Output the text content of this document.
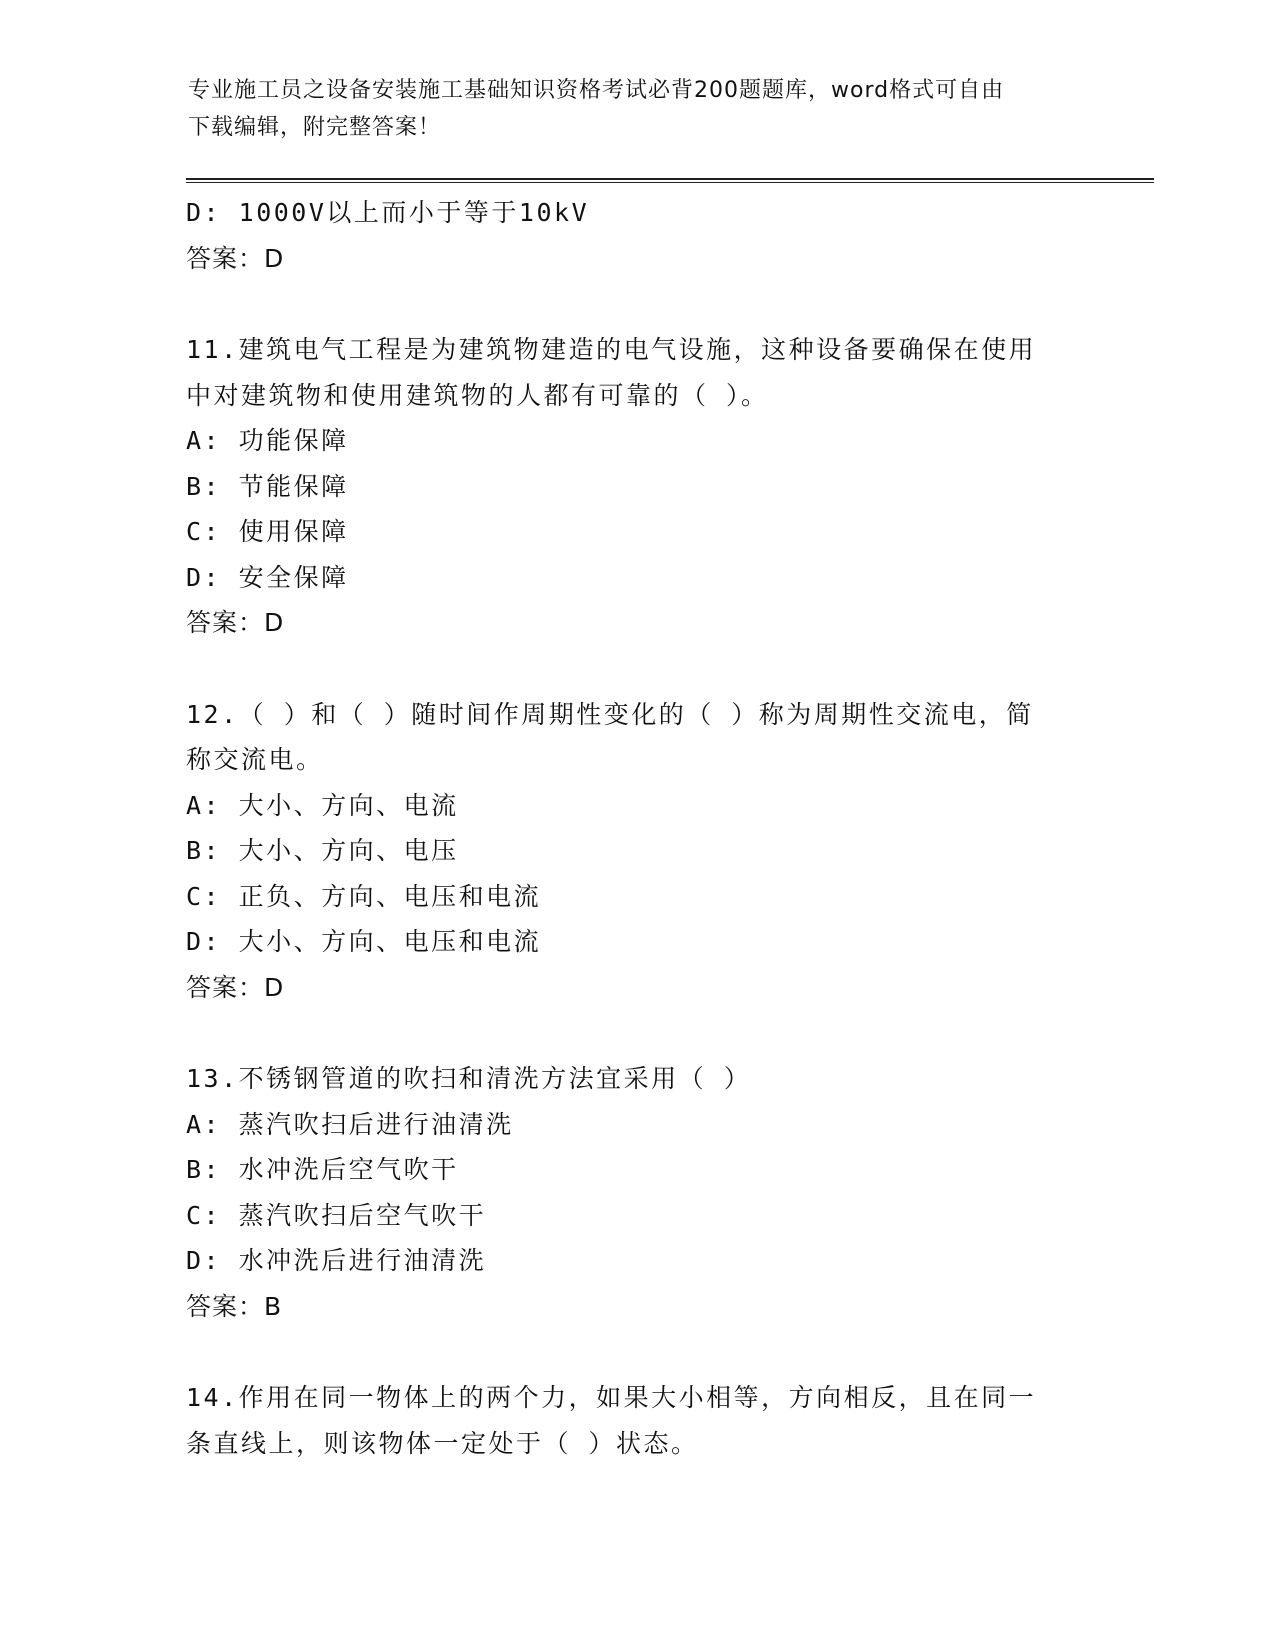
专业施工员之设备安装施工基础知识资格考试必背200题题库，word格式可自由
下载编辑，附完整答案！
D: 1000V以上而小于等于10kV
答案：D
11.建筑电气工程是为建筑物建造的电气设施，这种设备要确保在使用
中对建筑物和使用建筑物的人都有可靠的（ ）。
A: 功能保障
B: 节能保障
C: 使用保障
D: 安全保障
答案：D
12.（ ）和（ ）随时间作周期性变化的（ ）称为周期性交流电，简
称交流电。
A: 大小、方向、电流
B: 大小、方向、电压
C: 正负、方向、电压和电流
D: 大小、方向、电压和电流
答案：D
13.不锈钢管道的吹扫和清洗方法宜采用（ ）
A: 蒸汽吹扫后进行油清洗
B: 水冲洗后空气吹干
C: 蒸汽吹扫后空气吹干
D: 水冲洗后进行油清洗
答案：B
14.作用在同一物体上的两个力，如果大小相等，方向相反，且在同一
条直线上，则该物体一定处于（ ）状态。
